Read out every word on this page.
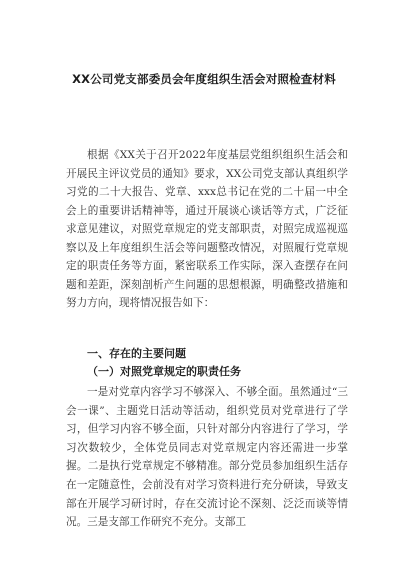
XX公司党支部委员会年度组织生活会对照检查材料
根据《XX关于召开2022年度基层党组织组织生活会和开展民主评议党员的通知》要求，XX公司党支部认真组织学习党的二十大报告、党章、xxx总书记在党的二十届一中全会上的重要讲话精神等，通过开展谈心谈话等方式，广泛征求意见建议，对照党章规定的党支部职责，对照完成巡视巡察以及上年度组织生活会等问题整改情况，对照履行党章规定的职责任务等方面，紧密联系工作实际，深入查摆存在问题和差距，深刻剖析产生问题的思想根源，明确整改措施和努力方向，现将情况报告如下：
一、存在的主要问题
（一）对照党章规定的职责任务
一是对党章内容学习不够深入、不够全面。虽然通过“三会一课”、主题党日活动等活动，组织党员对党章进行了学习，但学习内容不够全面，只针对部分内容进行了学习，学习次数较少，全体党员同志对党章规定内容还需进一步掌握。二是执行党章规定不够精准。部分党员参加组织生活存在一定随意性，会前没有对学习资料进行充分研读，导致支部在开展学习研讨时，存在交流讨论不深刻、泛泛而谈等情况。三是支部工作研究不充分。支部工
